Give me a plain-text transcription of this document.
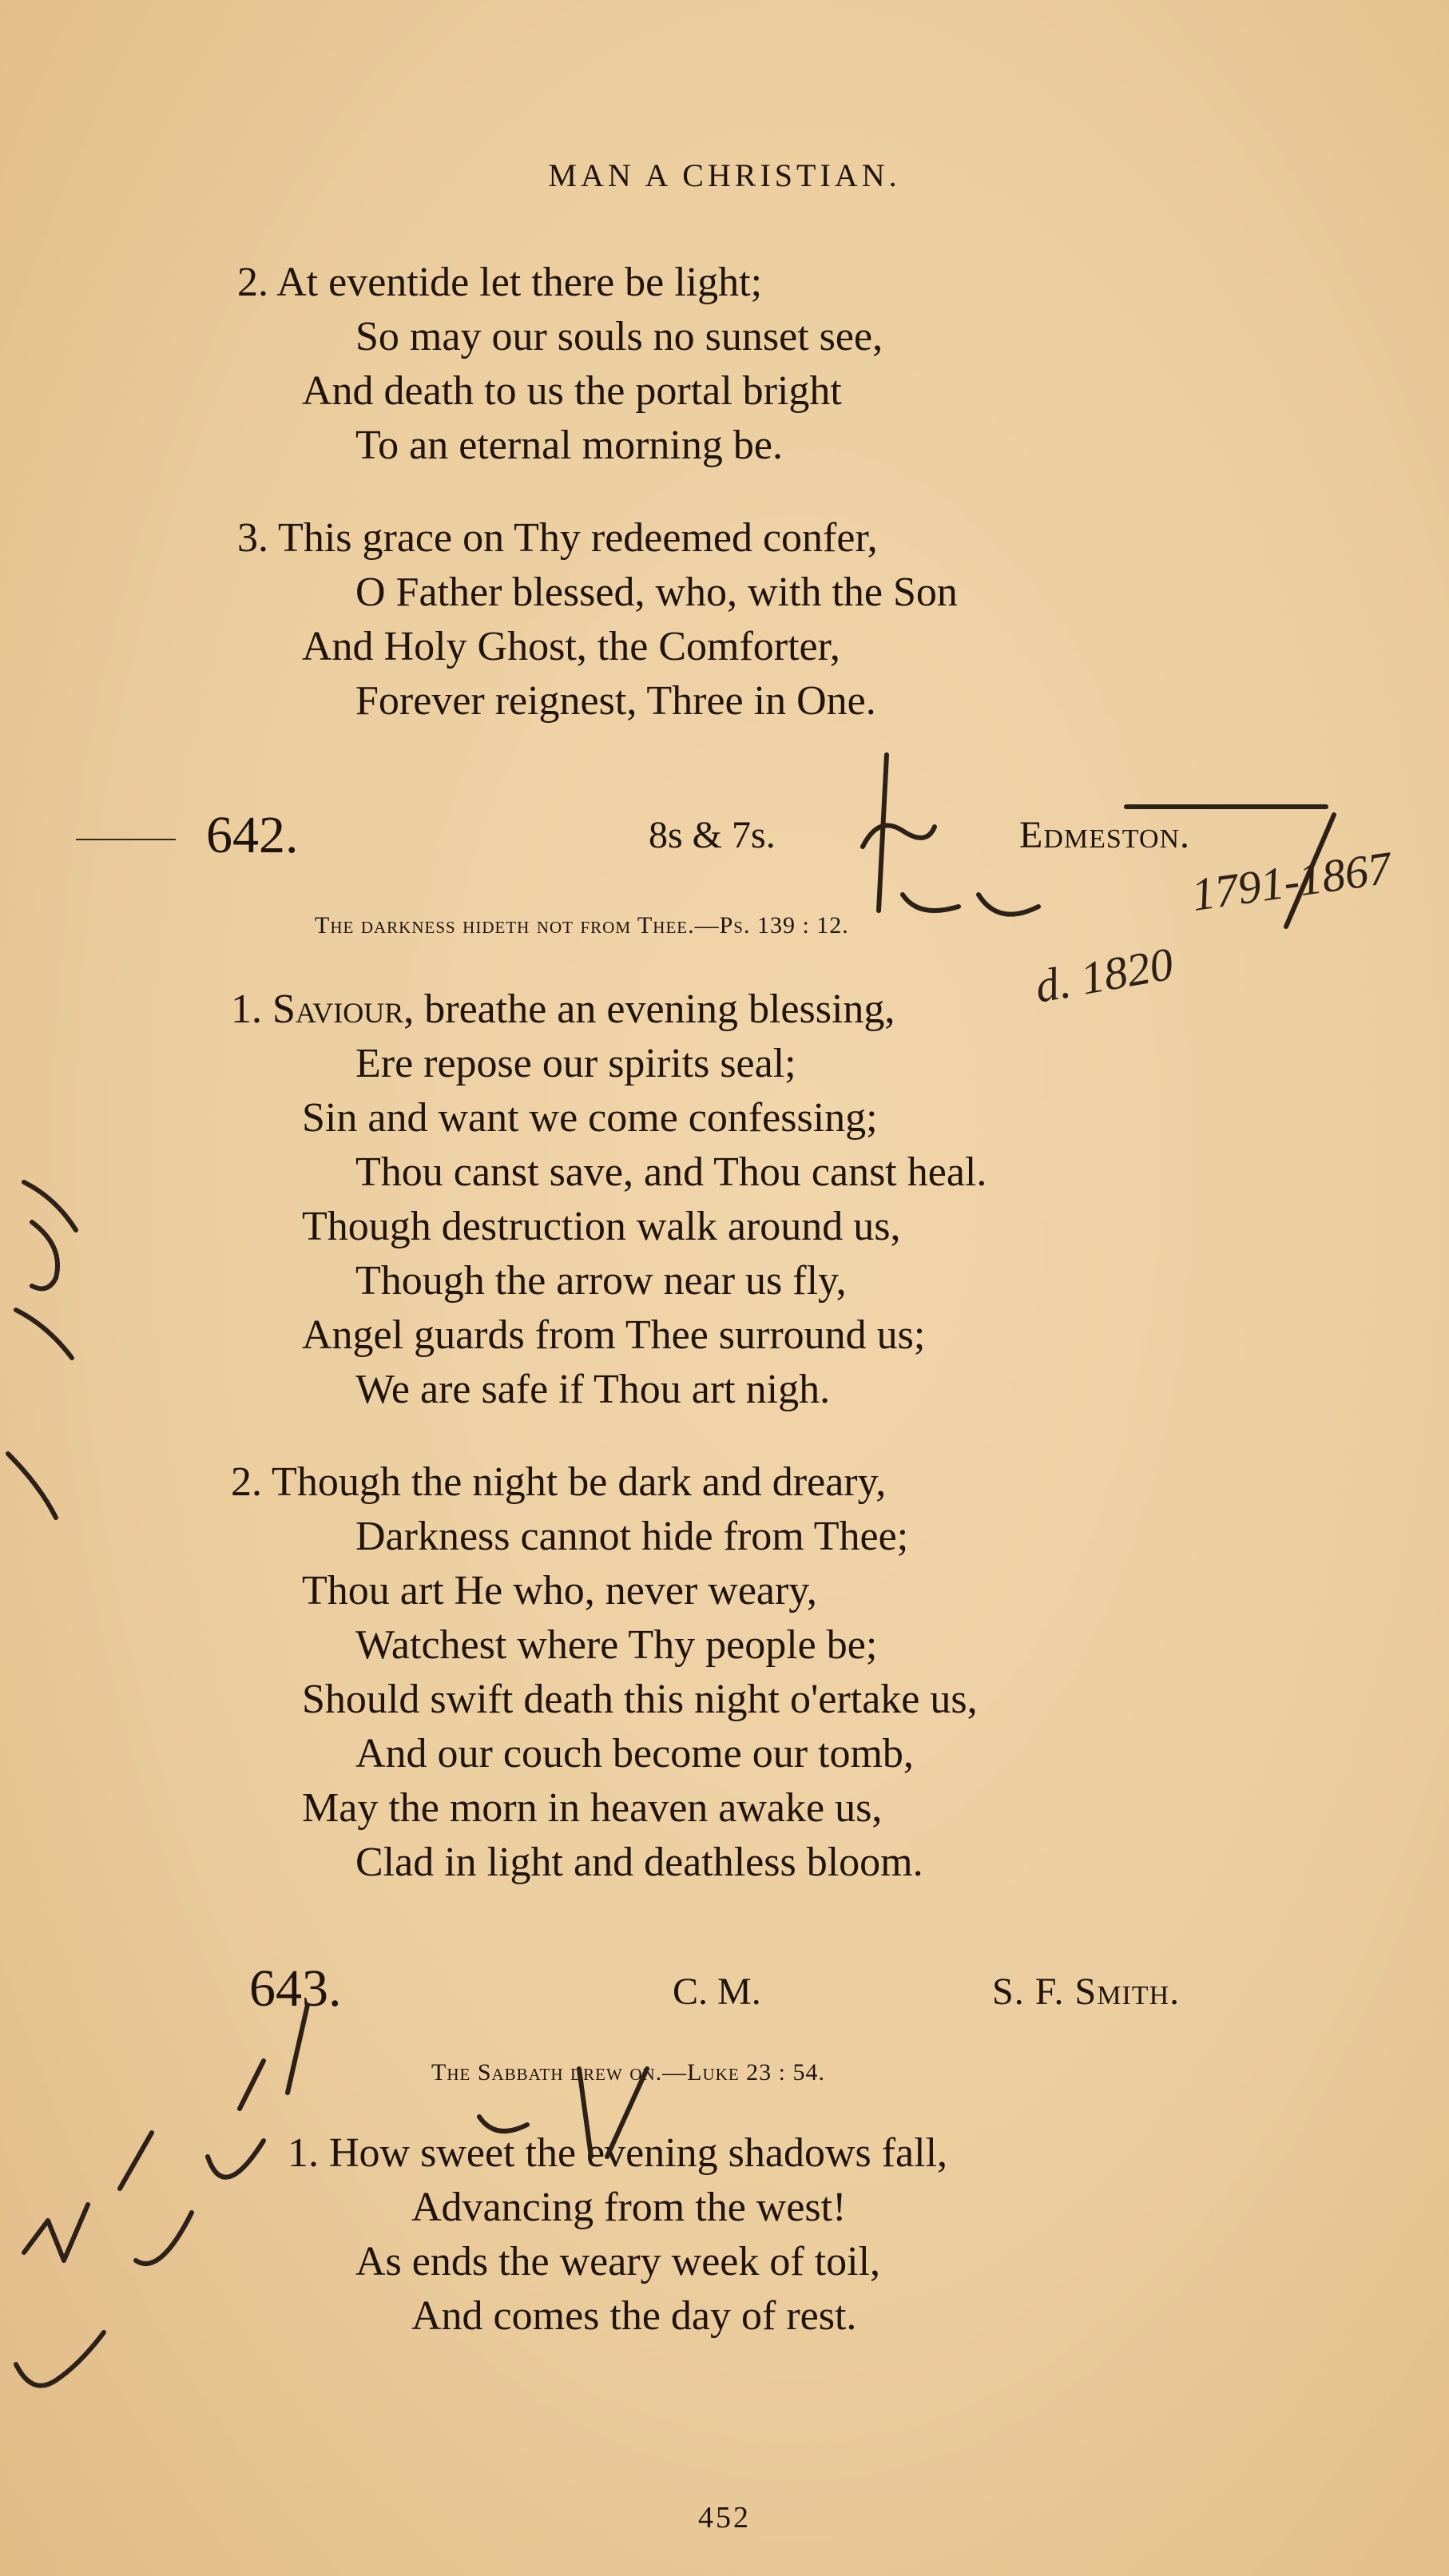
MAN A CHRISTIAN.
2. At eventide let there be light;
So may our souls no sunset see,
And death to us the portal bright
To an eternal morning be.
3. This grace on Thy redeemed confer,
O Father blessed, who, with the Son
And Holy Ghost, the Comforter,
Forever reignest, Three in One.
642.	8s & 7s.	Edmeston.
The darkness hideth not from Thee.—Ps. 139 : 12.
1. Saviour, breathe an evening blessing,
Ere repose our spirits seal;
Sin and want we come confessing;
Thou canst save, and Thou canst heal.
Though destruction walk around us,
Though the arrow near us fly,
Angel guards from Thee surround us;
We are safe if Thou art nigh.
2. Though the night be dark and dreary,
Darkness cannot hide from Thee;
Thou art He who, never weary,
Watchest where Thy people be;
Should swift death this night o'ertake us,
And our couch become our tomb,
May the morn in heaven awake us,
Clad in light and deathless bloom.
643.	C. M.	S. F. Smith.
The Sabbath drew on.—Luke 23 : 54.
1. How sweet the evening shadows fall,
Advancing from the west!
As ends the weary week of toil,
And comes the day of rest.
452
1791-1867
d. 1820
